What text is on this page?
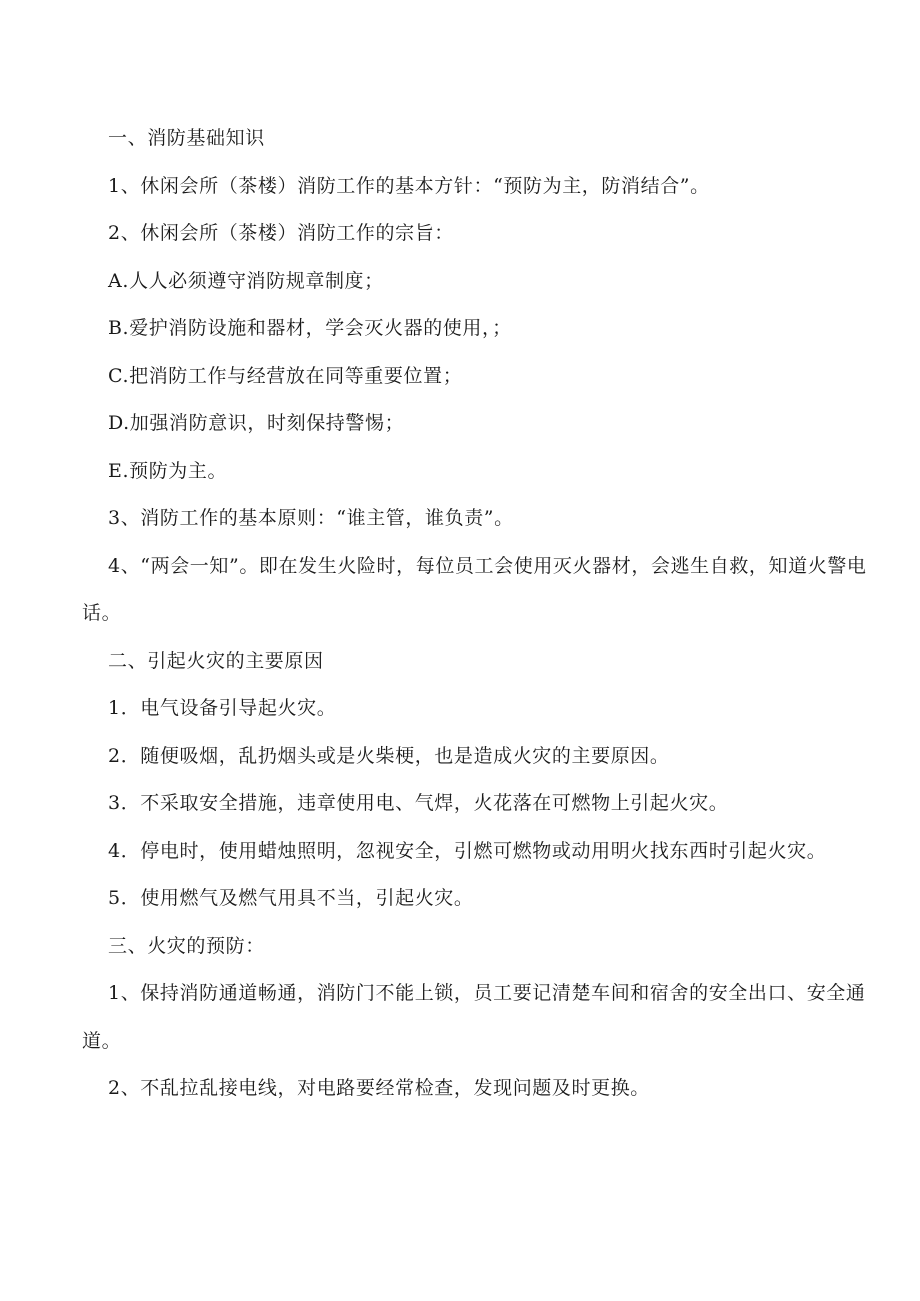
一、消防基础知识

1、休闲会所（茶楼）消防工作的基本方针：“预防为主，防消结合”。

2、休闲会所（茶楼）消防工作的宗旨：

A.人人必须遵守消防规章制度；

B.爱护消防设施和器材，学会灭火器的使用，；

C.把消防工作与经营放在同等重要位置；

D.加强消防意识，时刻保持警惕；

E.预防为主。

3、消防工作的基本原则：“谁主管，谁负责”。

4、“两会一知”。即在发生火险时，每位员工会使用灭火器材，会逃生自救，知道火警电话。

二、引起火灾的主要原因

1．电气设备引导起火灾。

2．随便吸烟，乱扔烟头或是火柴梗，也是造成火灾的主要原因。

3．不采取安全措施，违章使用电、气焊，火花落在可燃物上引起火灾。

4．停电时，使用蜡烛照明，忽视安全，引燃可燃物或动用明火找东西时引起火灾。

5．使用燃气及燃气用具不当，引起火灾。

三、火灾的预防：

1、保持消防通道畅通，消防门不能上锁，员工要记清楚车间和宿舍的安全出口、安全通道。

2、不乱拉乱接电线，对电路要经常检查，发现问题及时更换。
